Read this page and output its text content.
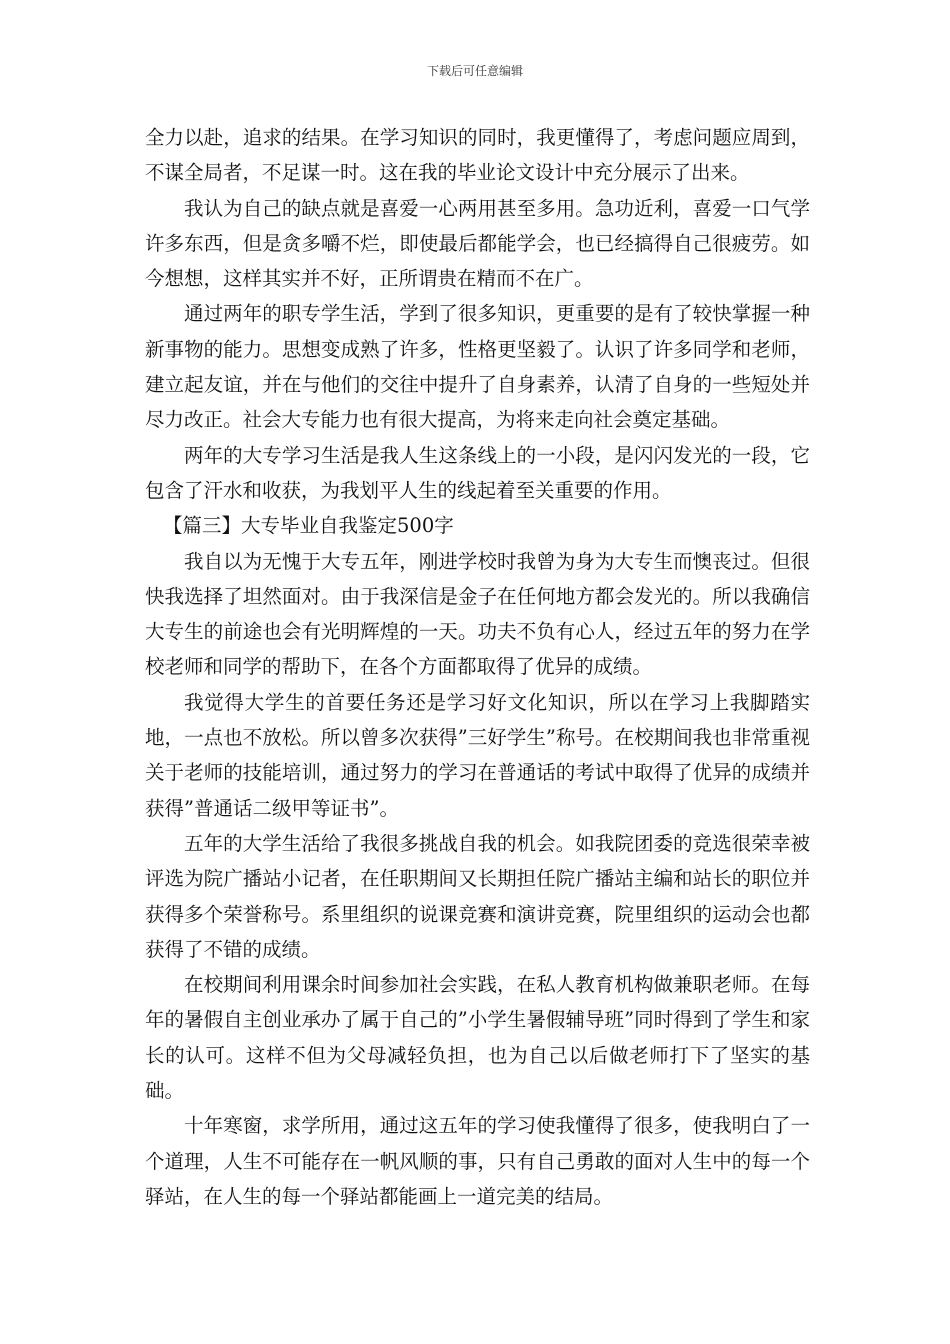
下载后可任意编辑

全力以赴，追求的结果。在学习知识的同时，我更懂得了，考虑问题应周到，不谋全局者，不足谋一时。这在我的毕业论文设计中充分展示了出来。

我认为自己的缺点就是喜爱一心两用甚至多用。急功近利，喜爱一口气学许多东西，但是贪多嚼不烂，即使最后都能学会，也已经搞得自己很疲劳。如今想想，这样其实并不好，正所谓贵在精而不在广。

通过两年的职专学生活，学到了很多知识，更重要的是有了较快掌握一种新事物的能力。思想变成熟了许多，性格更坚毅了。认识了许多同学和老师，建立起友谊，并在与他们的交往中提升了自身素养，认清了自身的一些短处并尽力改正。社会大专能力也有很大提高，为将来走向社会奠定基础。

两年的大专学习生活是我人生这条线上的一小段，是闪闪发光的一段，它包含了汗水和收获，为我划平人生的线起着至关重要的作用。

【篇三】大专毕业自我鉴定500字

我自以为无愧于大专五年，刚进学校时我曾为身为大专生而懊丧过。但很快我选择了坦然面对。由于我深信是金子在任何地方都会发光的。所以我确信大专生的前途也会有光明辉煌的一天。功夫不负有心人，经过五年的努力在学校老师和同学的帮助下，在各个方面都取得了优异的成绩。

我觉得大学生的首要任务还是学习好文化知识，所以在学习上我脚踏实地，一点也不放松。所以曾多次获得”三好学生”称号。在校期间我也非常重视关于老师的技能培训，通过努力的学习在普通话的考试中取得了优异的成绩并获得”普通话二级甲等证书”。

五年的大学生活给了我很多挑战自我的机会。如我院团委的竞选很荣幸被评选为院广播站小记者，在任职期间又长期担任院广播站主编和站长的职位并获得多个荣誉称号。系里组织的说课竞赛和演讲竞赛，院里组织的运动会也都获得了不错的成绩。

在校期间利用课余时间参加社会实践，在私人教育机构做兼职老师。在每年的暑假自主创业承办了属于自己的”小学生暑假辅导班”同时得到了学生和家长的认可。这样不但为父母减轻负担，也为自己以后做老师打下了坚实的基础。

十年寒窗，求学所用，通过这五年的学习使我懂得了很多，使我明白了一个道理，人生不可能存在一帆风顺的事，只有自己勇敢的面对人生中的每一个驿站，在人生的每一个驿站都能画上一道完美的结局。
